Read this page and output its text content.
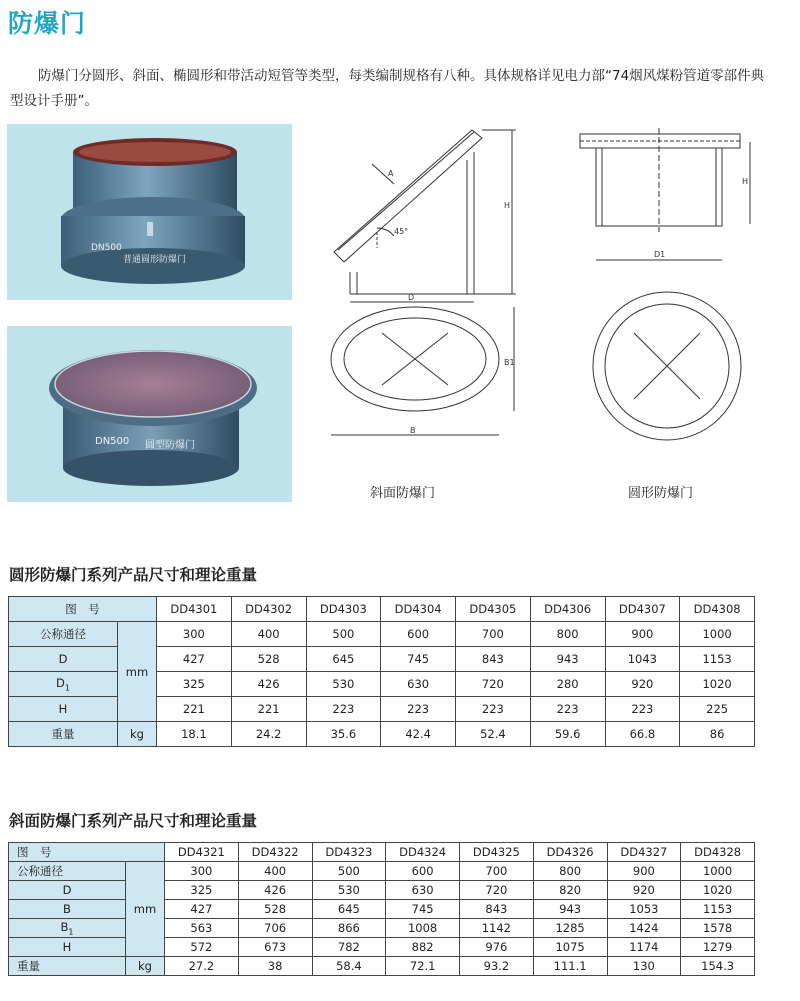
防爆门
防爆门分圆形、斜面、椭圆形和带活动短管等类型，每类编制规格有八种。具体规格详见电力部“74烟风煤粉管道零部件典型设计手册”。
DN500
普通圆形防爆门
DN500 圆型防爆门
A
45°
H
D
B
B1
斜面防爆门
D1
H
圆形防爆门
圆形防爆门系列产品尺寸和理论重量
图　号		DD4301	DD4302	DD4303	DD4304	DD4305	DD4306	DD4307	DD4308
公称通径	mm	300	400	500	600	700	800	900	1000
D		427	528	645	745	843	943	1043	1153
$D_1$		325	426	530	630	720	280	920	1020
H		221	221	223	223	223	223	223	225
重量	kg	18.1	24.2	35.6	42.4	52.4	59.6	66.8	86
斜面防爆门系列产品尺寸和理论重量
图　号		DD4321	DD4322	DD4323	DD4324	DD4325	DD4326	DD4327	DD4328
公称通径	mm	300	400	500	600	700	800	900	1000
D		325	426	530	630	720	820	920	1020
B		427	528	645	745	843	943	1053	1153
$B_1$		563	706	866	1008	1142	1285	1424	1578
H		572	673	782	882	976	1075	1174	1279
重量	kg	27.2	38	58.4	72.1	93.2	111.1	130	154.3
